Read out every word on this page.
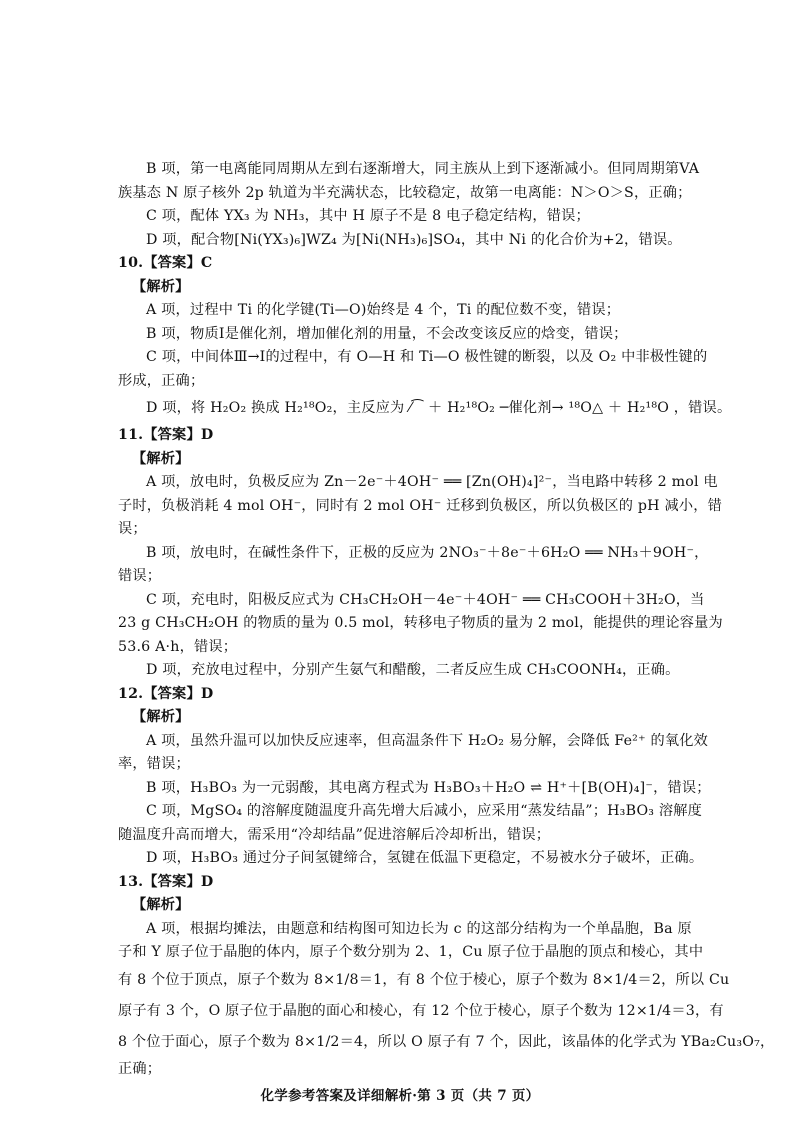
B 项，第一电离能同周期从左到右逐渐增大，同主族从上到下逐渐减小。但同周期第VA
族基态 N 原子核外 2p 轨道为半充满状态，比较稳定，故第一电离能：N＞O＞S，正确；
C 项，配体 YX₃ 为 NH₃，其中 H 原子不是 8 电子稳定结构，错误；
D 项，配合物[Ni(YX₃)₆]WZ₄ 为[Ni(NH₃)₆]SO₄，其中 Ni 的化合价为+2，错误。
10.【答案】C
【解析】
A 项，过程中 Ti 的化学键(Ti—O)始终是 4 个，Ti 的配位数不变，错误；
B 项，物质Ⅰ是催化剂，增加催化剂的用量，不会改变该反应的焓变，错误；
C 项，中间体Ⅲ→Ⅰ的过程中，有 O—H 和 Ti—O 极性键的断裂，以及 O₂ 中非极性键的
形成，正确；
D 项，将 H₂O₂ 换成 H₂¹⁸O₂，主反应为 ⁄⁀ ＋ H₂¹⁸O₂ ─催化剂→ ¹⁸O△ ＋ H₂¹⁸O ，错误。
11.【答案】D
【解析】
A 项，放电时，负极反应为 Zn－2e⁻＋4OH⁻ ══ [Zn(OH)₄]²⁻，当电路中转移 2 mol 电
子时，负极消耗 4 mol OH⁻，同时有 2 mol OH⁻ 迁移到负极区，所以负极区的 pH 减小，错
误；
B 项，放电时，在碱性条件下，正极的反应为 2NO₃⁻＋8e⁻＋6H₂O ══ NH₃＋9OH⁻，
错误；
C 项，充电时，阳极反应式为 CH₃CH₂OH－4e⁻＋4OH⁻ ══ CH₃COOH＋3H₂O，当
23 g CH₃CH₂OH 的物质的量为 0.5 mol，转移电子物质的量为 2 mol，能提供的理论容量为
53.6 A·h，错误；
D 项，充放电过程中，分别产生氨气和醋酸，二者反应生成 CH₃COONH₄，正确。
12.【答案】D
【解析】
A 项，虽然升温可以加快反应速率，但高温条件下 H₂O₂ 易分解，会降低 Fe²⁺ 的氧化效
率，错误；
B 项，H₃BO₃ 为一元弱酸，其电离方程式为 H₃BO₃＋H₂O ⇌ H⁺＋[B(OH)₄]⁻，错误；
C 项，MgSO₄ 的溶解度随温度升高先增大后减小，应采用“蒸发结晶”；H₃BO₃ 溶解度
随温度升高而增大，需采用“冷却结晶”促进溶解后冷却析出，错误；
D 项，H₃BO₃ 通过分子间氢键缔合，氢键在低温下更稳定，不易被水分子破坏，正确。
13.【答案】D
【解析】
A 项，根据均摊法，由题意和结构图可知边长为 c 的这部分结构为一个单晶胞，Ba 原
子和 Y 原子位于晶胞的体内，原子个数分别为 2、1，Cu 原子位于晶胞的顶点和棱心，其中
有 8 个位于顶点，原子个数为 8×1/8＝1，有 8 个位于棱心，原子个数为 8×1/4＝2，所以 Cu
原子有 3 个，O 原子位于晶胞的面心和棱心，有 12 个位于棱心，原子个数为 12×1/4＝3，有
8 个位于面心，原子个数为 8×1/2＝4，所以 O 原子有 7 个，因此，该晶体的化学式为 YBa₂Cu₃O₇，
正确；
化学参考答案及详细解析·第 3 页（共 7 页）
